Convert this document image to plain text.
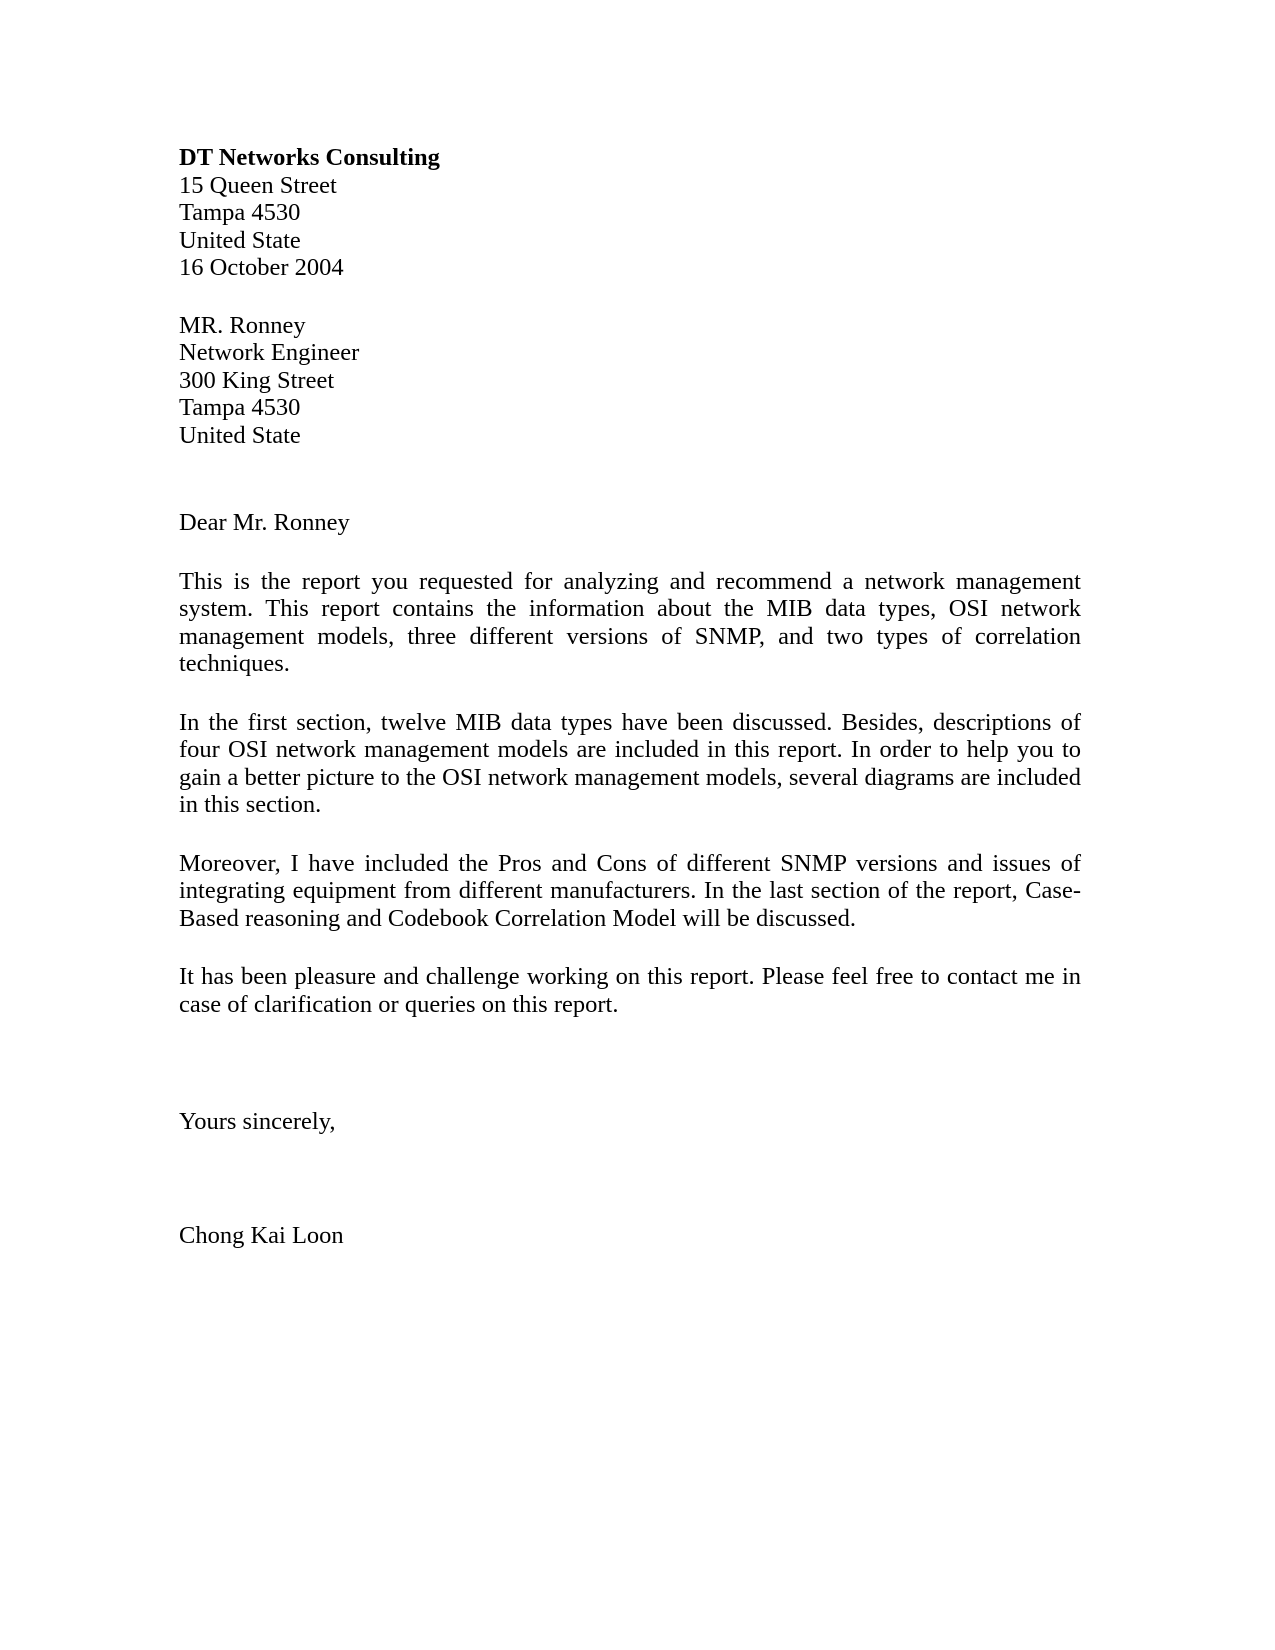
DT Networks Consulting
15 Queen Street
Tampa 4530
United State
16 October 2004
MR. Ronney
Network Engineer
300 King Street
Tampa 4530
United State
Dear Mr. Ronney

This is the report you requested for analyzing and recommend a network management system. This report contains the information about the MIB data types, OSI network management models, three different versions of SNMP, and two types of correlation techniques.

In the first section, twelve MIB data types have been discussed. Besides, descriptions of four OSI network management models are included in this report. In order to help you to gain a better picture to the OSI network management models, several diagrams are included in this section.

Moreover, I have included the Pros and Cons of different SNMP versions and issues of integrating equipment from different manufacturers. In the last section of the report, Case-Based reasoning and Codebook Correlation Model will be discussed.

It has been pleasure and challenge working on this report. Please feel free to contact me in case of clarification or queries on this report.

Yours sincerely,
Chong Kai Loon
